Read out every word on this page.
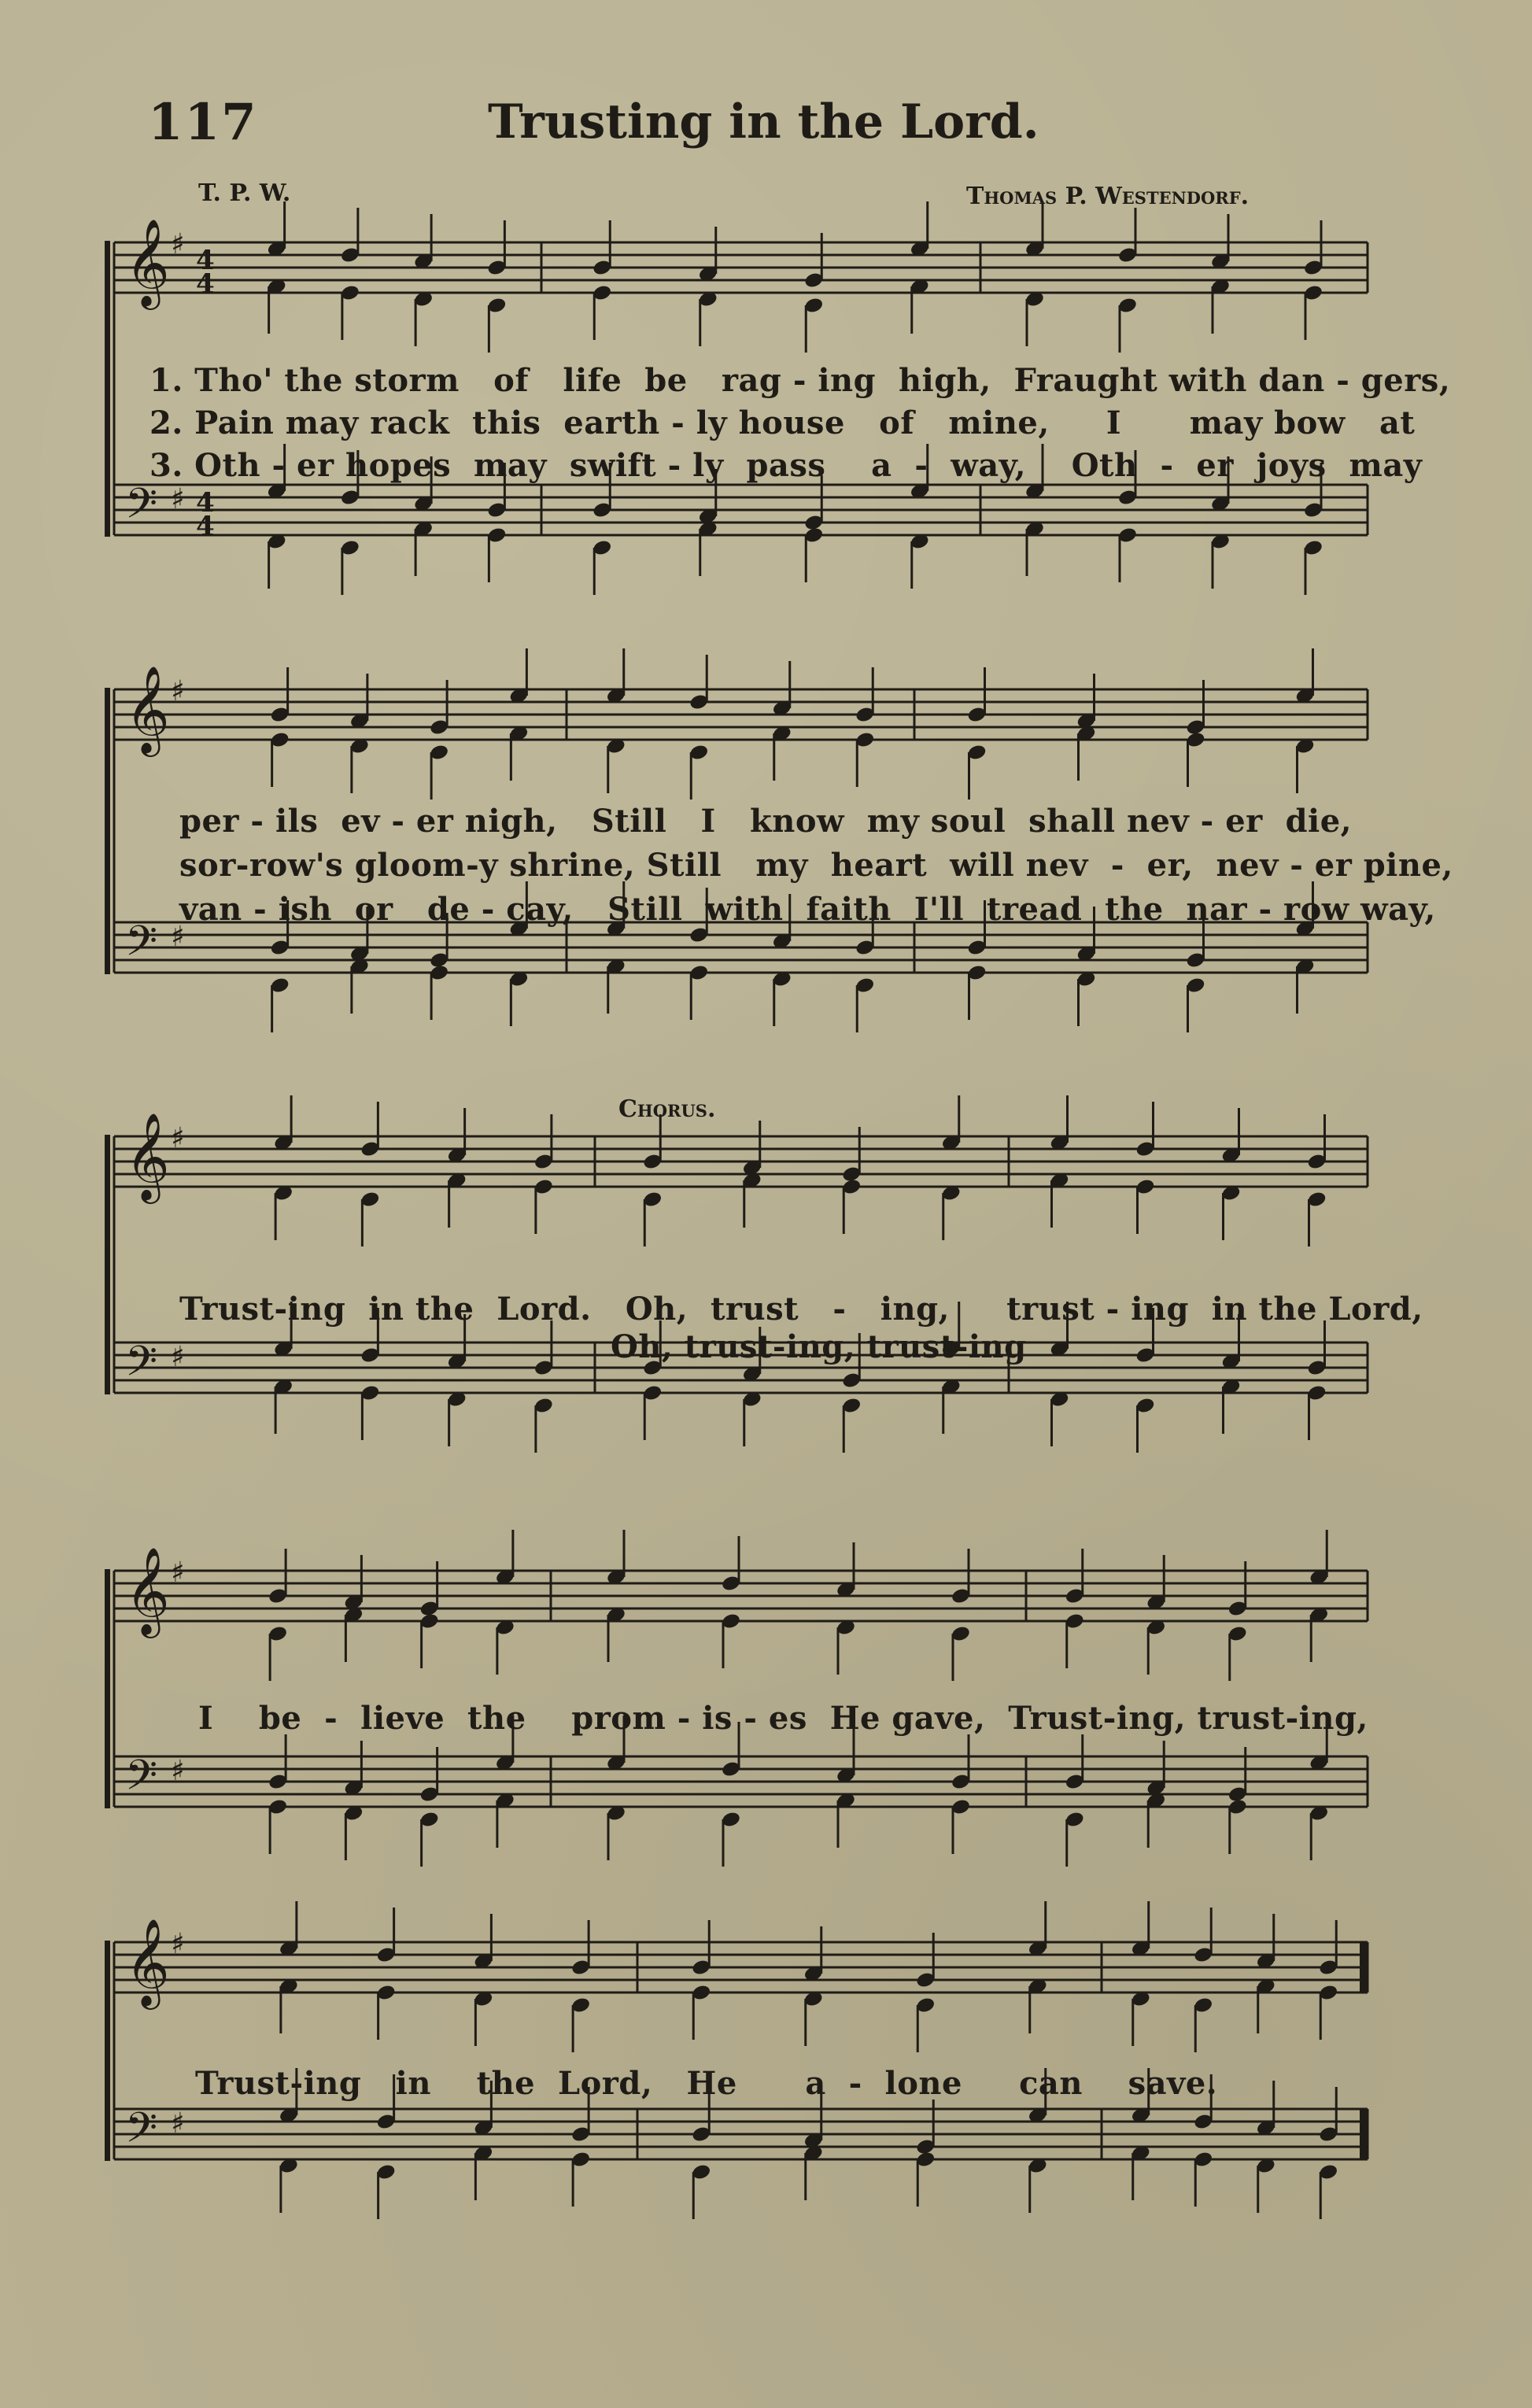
117	Trusting in the Lord.
T. P. W.	Thomas P. Westendorf.
𝄞
𝄢
♯
♯
4
4
4
4
𝄞
𝄢
♯
♯
𝄞
𝄢
♯
♯
𝄞
𝄢
♯
♯
𝄞
𝄢
♯
♯
1. Tho' the storm   of   life  be   rag - ing  high,  Fraught with dan - gers,
2. Pain may rack  this  earth - ly house   of   mine,     I      may bow   at
3. Oth - er hopes  may  swift - ly  pass    a  -  way,    Oth  -  er  joys  may
per - ils  ev - er nigh,   Still   I   know  my soul  shall nev - er  die,
sor-row's gloom-y shrine, Still   my  heart  will nev  -  er,  nev - er pine,
van - ish  or   de - cay,   Still  with  faith  I'll  tread  the  nar - row way,
Chorus.
Trust-ing  in the  Lord.   Oh,  trust   -   ing,     trust - ing  in the Lord,
Oh, trust-ing, trust-ing
I    be  -  lieve  the    prom - is - es  He gave,  Trust-ing, trust-ing,
Trust-ing   in    the  Lord,   He      a  -  lone     can    save.
